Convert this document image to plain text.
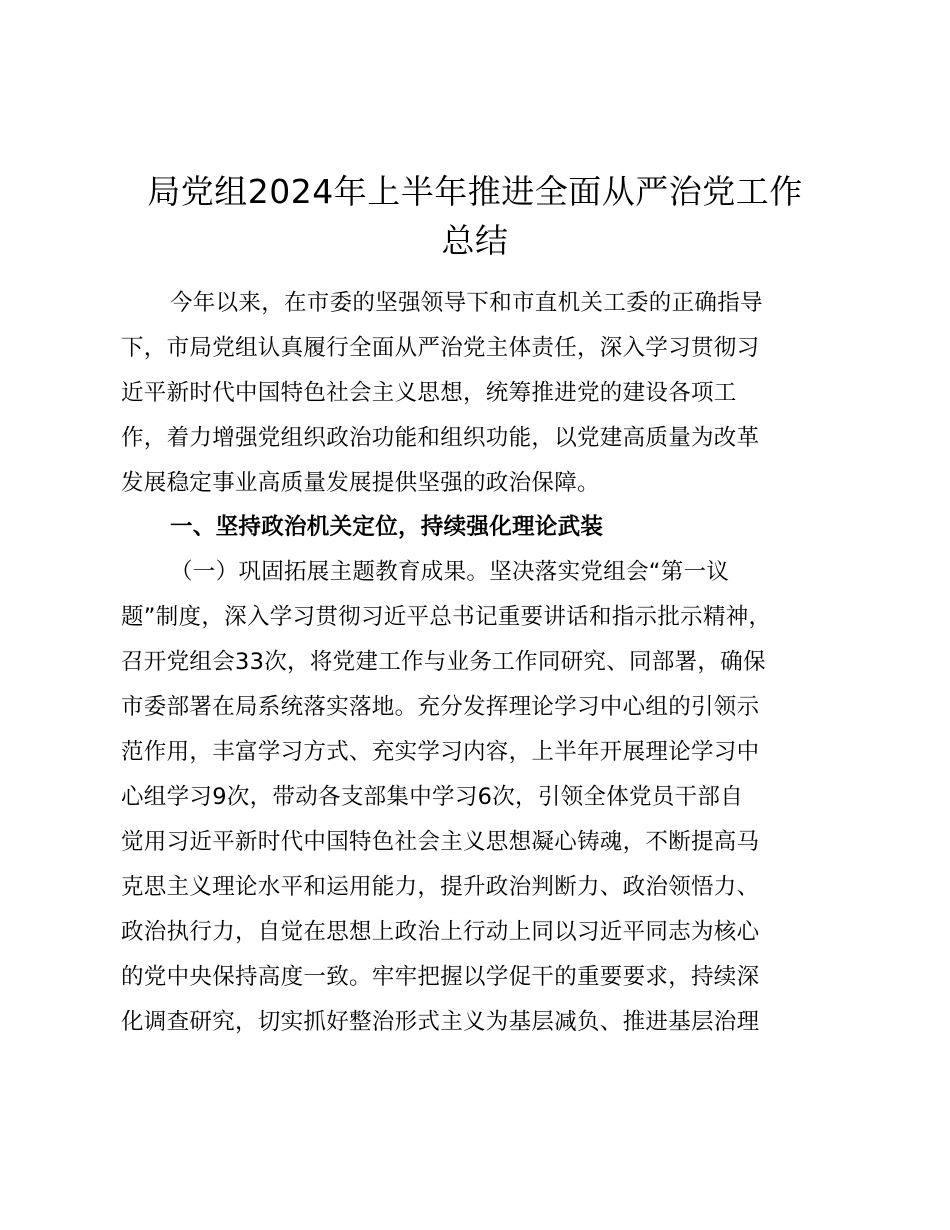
局党组2024年上半年推进全面从严治党工作
总结
今年以来，在市委的坚强领导下和市直机关工委的正确指导
下，市局党组认真履行全面从严治党主体责任，深入学习贯彻习
近平新时代中国特色社会主义思想，统筹推进党的建设各项工
作，着力增强党组织政治功能和组织功能，以党建高质量为改革
发展稳定事业高质量发展提供坚强的政治保障。
一、坚持政治机关定位，持续强化理论武装
（一）巩固拓展主题教育成果。坚决落实党组会“第一议
题”制度，深入学习贯彻习近平总书记重要讲话和指示批示精神，
召开党组会33次，将党建工作与业务工作同研究、同部署，确保
市委部署在局系统落实落地。充分发挥理论学习中心组的引领示
范作用，丰富学习方式、充实学习内容，上半年开展理论学习中
心组学习9次，带动各支部集中学习6次，引领全体党员干部自
觉用习近平新时代中国特色社会主义思想凝心铸魂，不断提高马
克思主义理论水平和运用能力，提升政治判断力、政治领悟力、
政治执行力，自觉在思想上政治上行动上同以习近平同志为核心
的党中央保持高度一致。牢牢把握以学促干的重要要求，持续深
化调查研究，切实抓好整治形式主义为基层减负、推进基层治理
